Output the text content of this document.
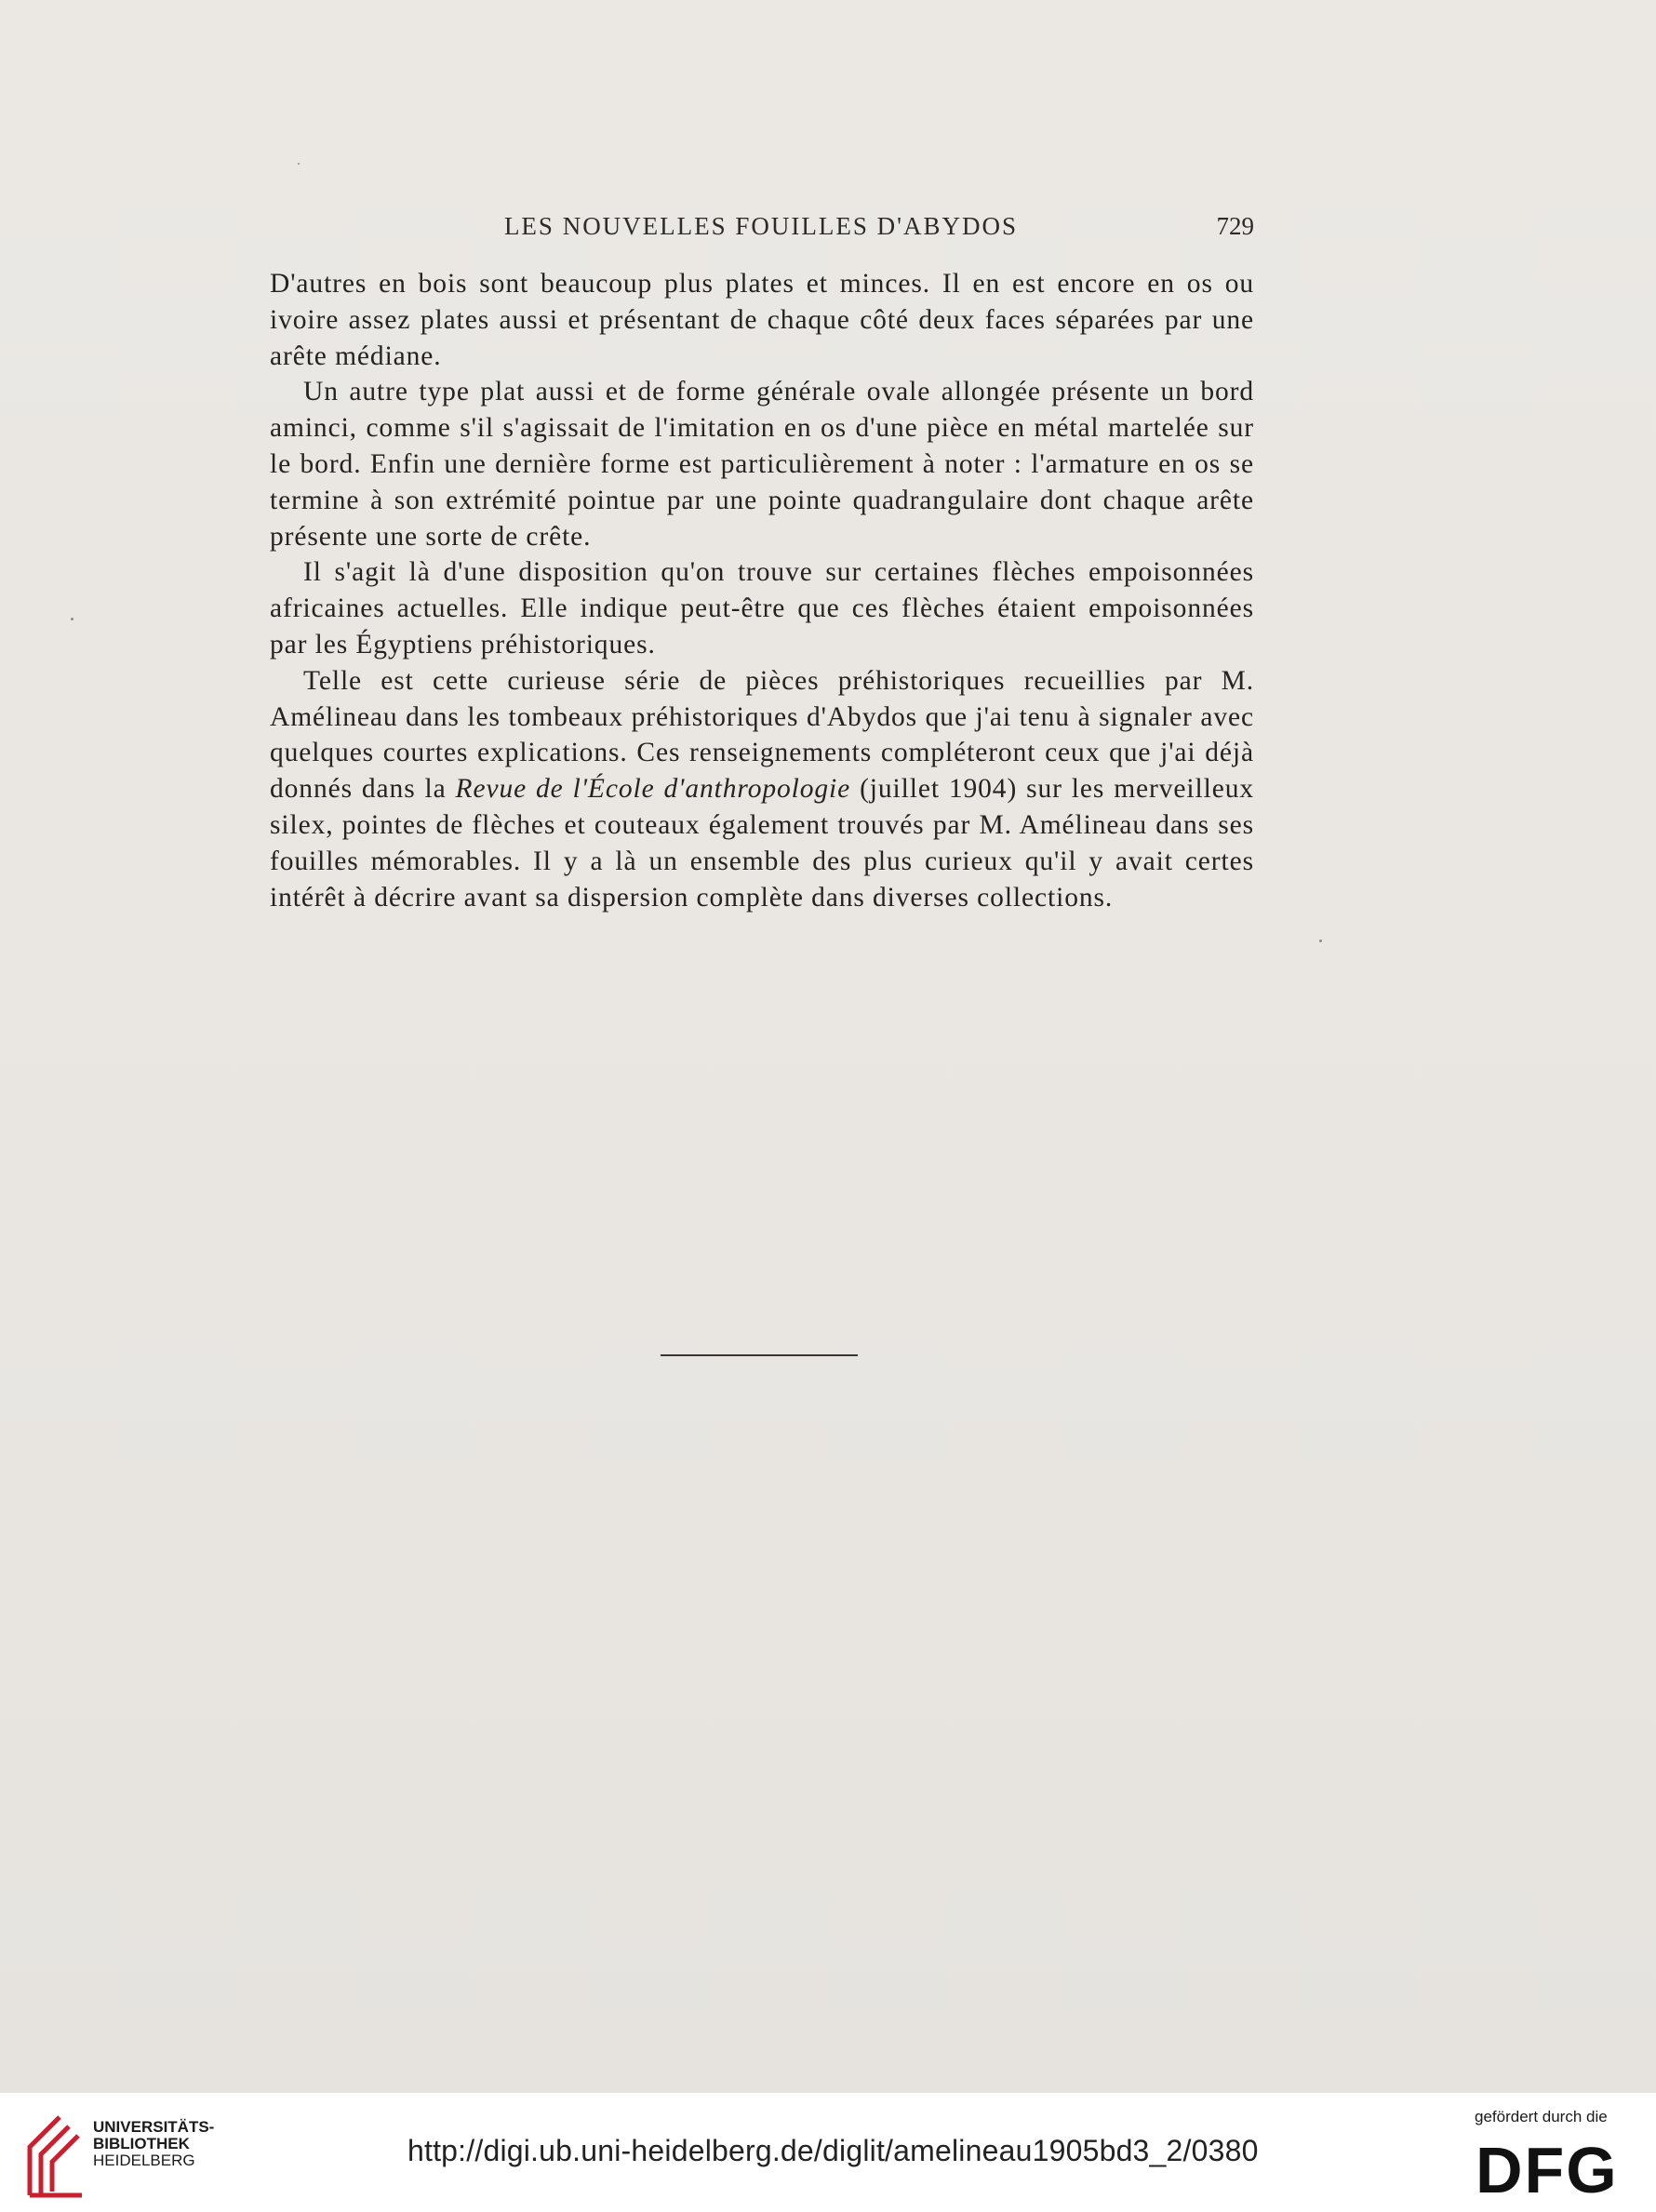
LES NOUVELLES FOUILLES D'ABYDOS	729

D'autres en bois sont beaucoup plus plates et minces. Il en est encore en os ou ivoire assez plates aussi et présentant de chaque côté deux faces séparées par une arête médiane.

Un autre type plat aussi et de forme générale ovale allongée présente un bord aminci, comme s'il s'agissait de l'imitation en os d'une pièce en métal martelée sur le bord. Enfin une dernière forme est particulièrement à noter : l'armature en os se termine à son extrémité pointue par une pointe quadrangulaire dont chaque arête présente une sorte de crête.

Il s'agit là d'une disposition qu'on trouve sur certaines flèches empoisonnées africaines actuelles. Elle indique peut-être que ces flèches étaient empoisonnées par les Égyptiens préhistoriques.

Telle est cette curieuse série de pièces préhistoriques recueillies par M. Amélineau dans les tombeaux préhistoriques d'Abydos que j'ai tenu à signaler avec quelques courtes explications. Ces renseignements compléteront ceux que j'ai déjà donnés dans la Revue de l'École d'anthropologie (juillet 1904) sur les merveilleux silex, pointes de flèches et couteaux également trouvés par M. Amélineau dans ses fouilles mémorables. Il y a là un ensemble des plus curieux qu'il y avait certes intérêt à décrire avant sa dispersion complète dans diverses collections.

UNIVERSITÄTS-
BIBLIOTHEK
HEIDELBERG	http://digi.ub.uni-heidelberg.de/diglit/amelineau1905bd3_2/0380
gefördert durch die
DFG
